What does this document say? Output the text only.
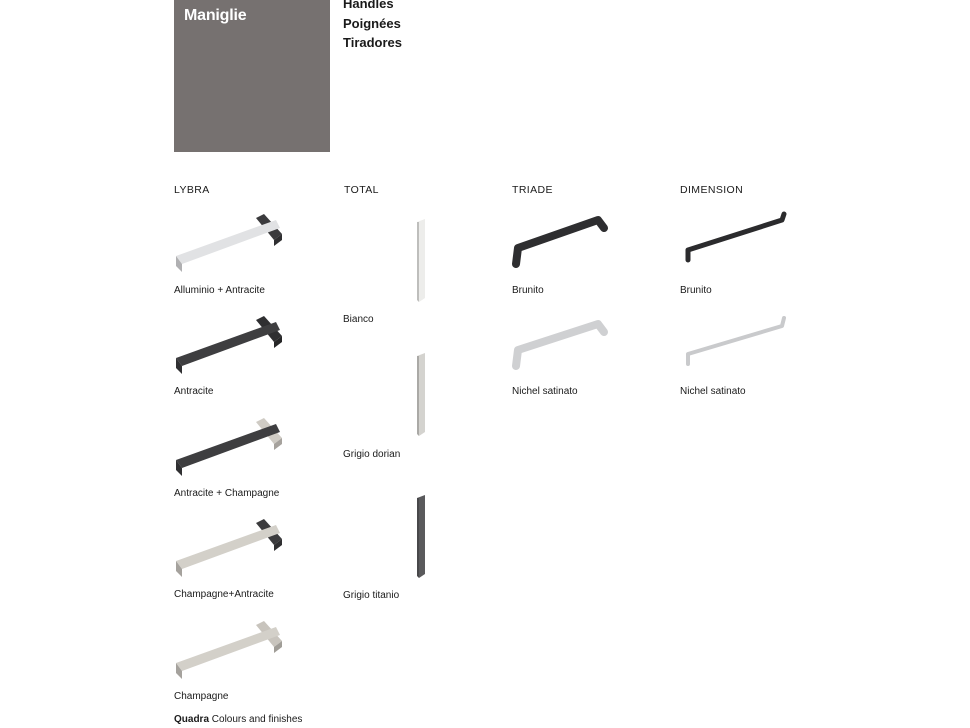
Maniglie
Handles
Poignées
Tiradores
LYBRA	TOTAL	TRIADE	DIMENSION
Alluminio + Antracite
Antracite
Antracite + Champagne
Champagne+Antracite
Champagne
Bianco
Grigio dorian
Grigio titanio
Brunito
Nichel satinato
Brunito
Nichel satinato
Quadra Colours and finishes
